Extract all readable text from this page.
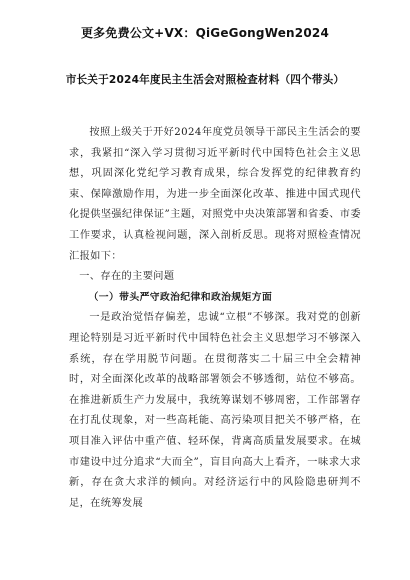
更多免费公文+VX：QiGeGongWen2024
市长关于2024年度民主生活会对照检查材料（四个带头）

按照上级关于开好2024年度党员领导干部民主生活会的要求，我紧扣“深入学习贯彻习近平新时代中国特色社会主义思想，巩固深化党纪学习教育成果，综合发挥党的纪律教育约束、保障激励作用，为进一步全面深化改革、推进中国式现代化提供坚强纪律保证”主题，对照党中央决策部署和省委、市委工作要求，认真检视问题，深入剖析反思。现将对照检查情况汇报如下：

一、存在的主要问题

（一）带头严守政治纪律和政治规矩方面

一是政治觉悟存偏差，忠诚“立根”不够深。我对党的创新理论特别是习近平新时代中国特色社会主义思想学习不够深入系统，存在学用脱节问题。在贯彻落实二十届三中全会精神时，对全面深化改革的战略部署领会不够透彻，站位不够高。在推进新质生产力发展中，我统筹谋划不够周密，工作部署存在打乱仗现象，对一些高耗能、高污染项目把关不够严格，在项目准入评估中重产值、轻环保，背离高质量发展要求。在城市建设中过分追求“大而全”，盲目向高大上看齐，一味求大求新，存在贪大求洋的倾向。对经济运行中的风险隐患研判不足，在统筹发展
